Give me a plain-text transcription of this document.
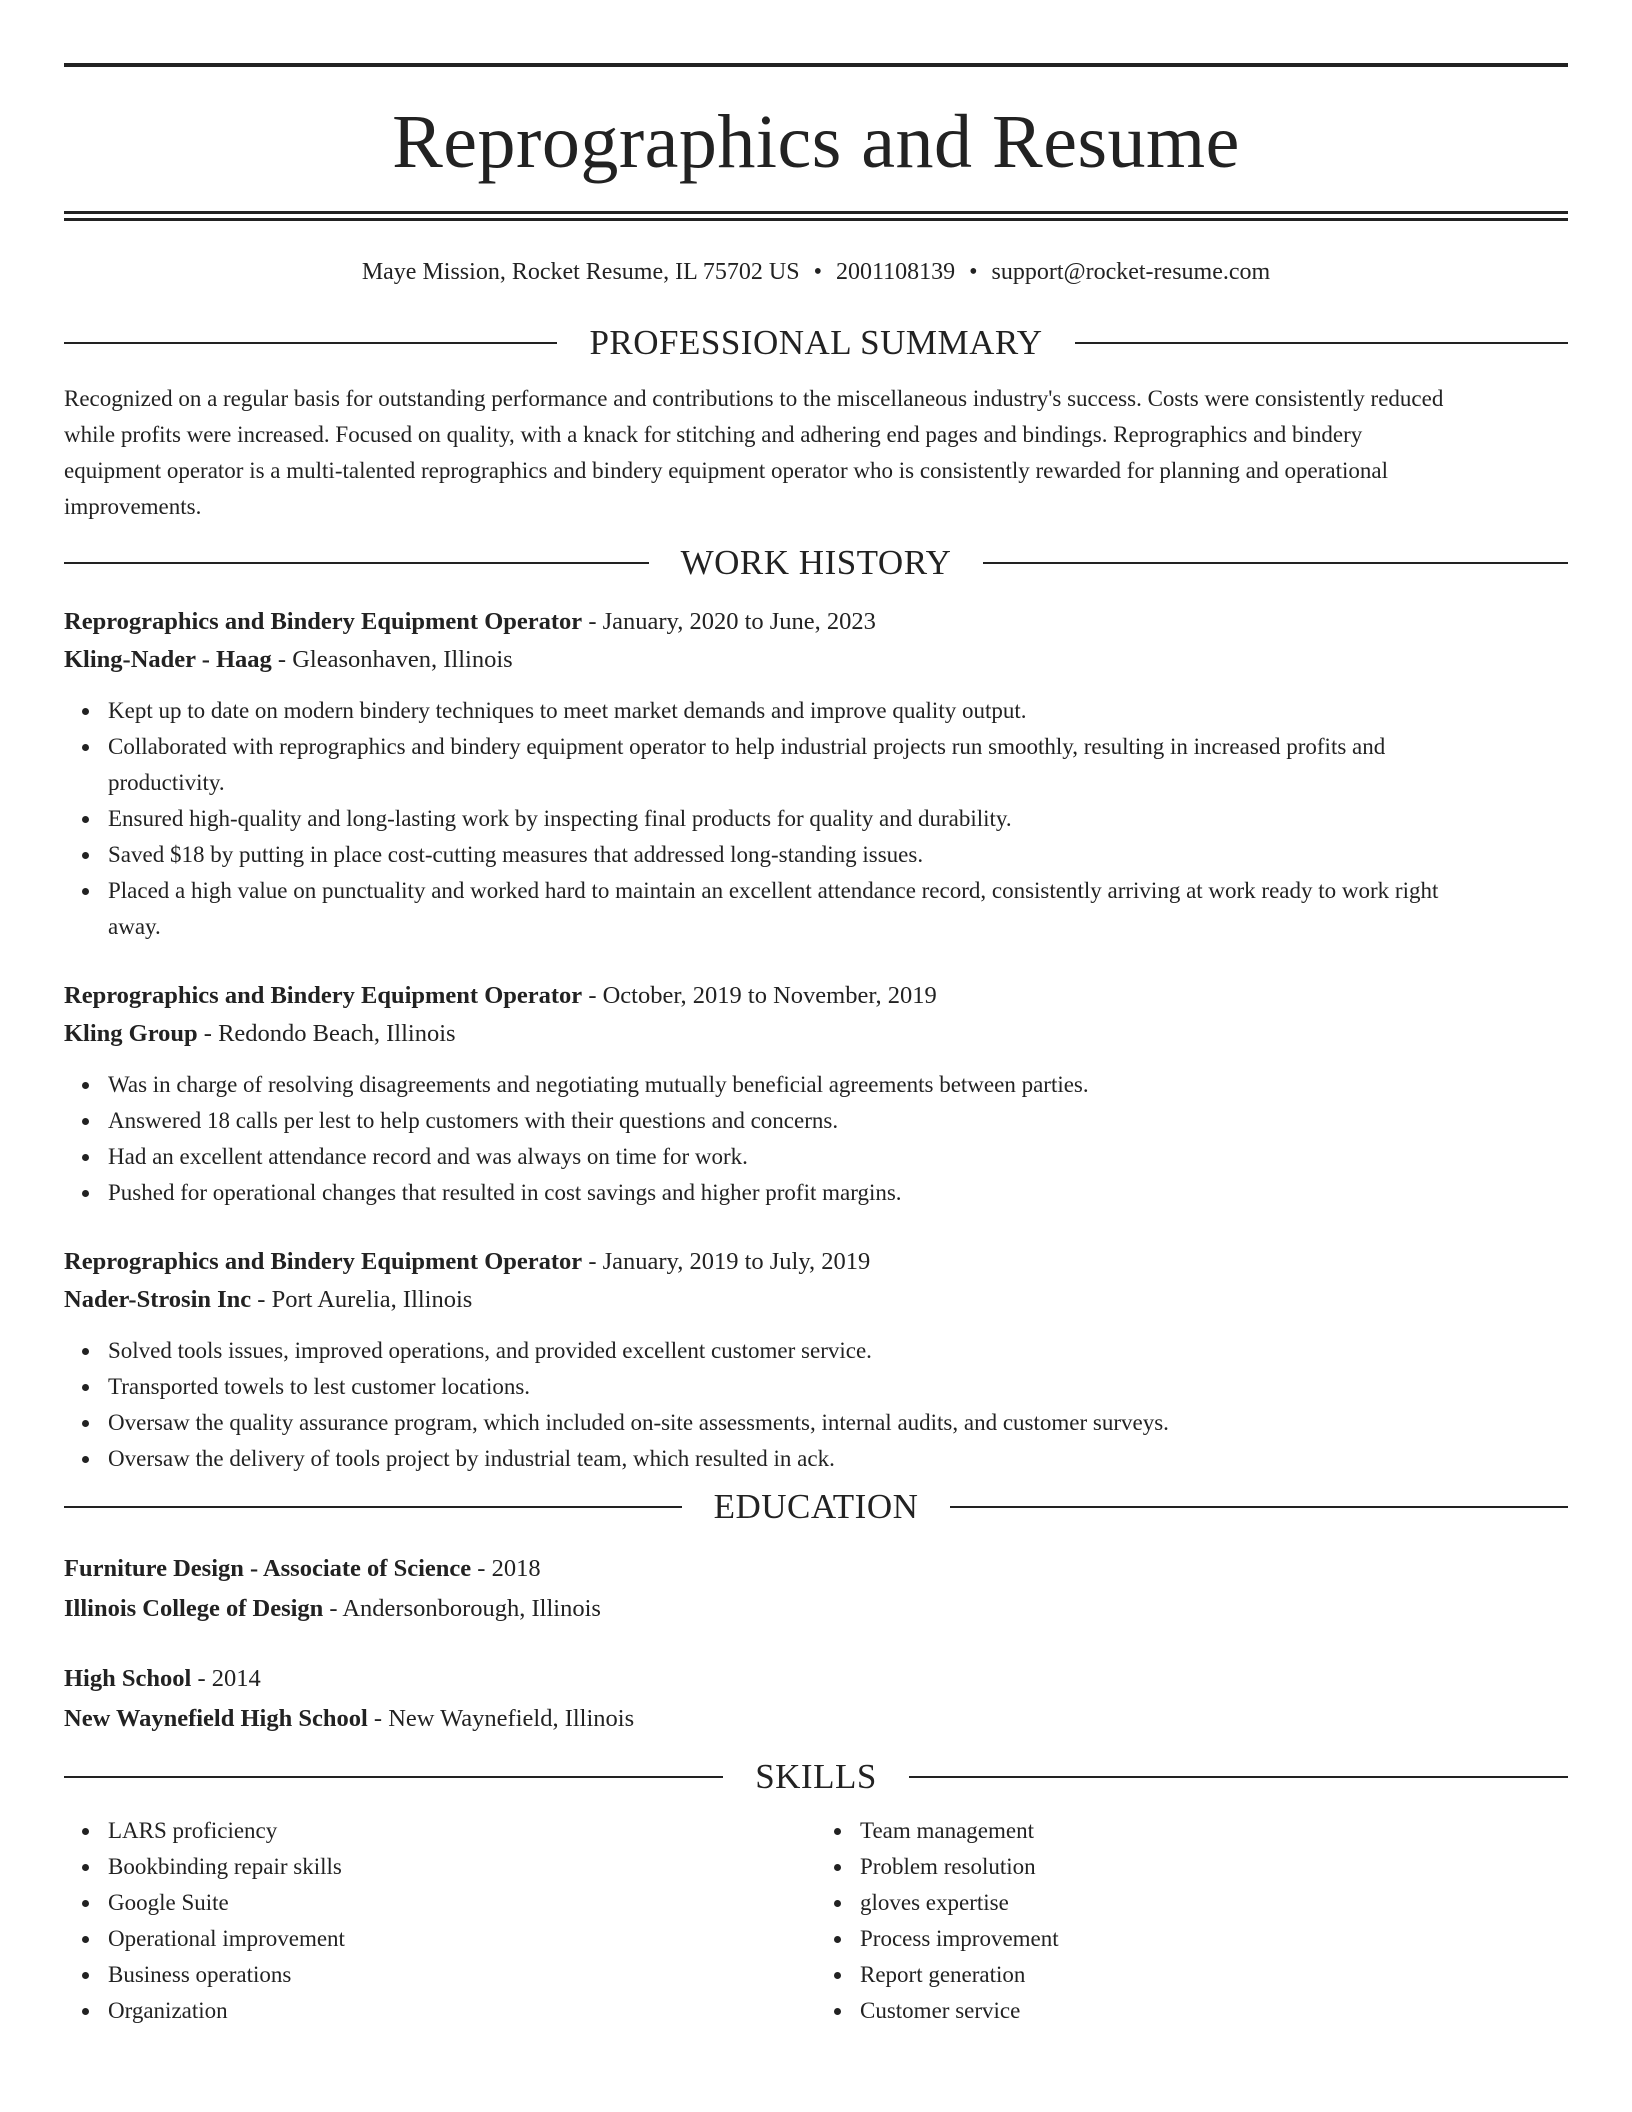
Reprographics and Resume
Maye Mission, Rocket Resume, IL 75702 US • 2001108139 • support@rocket-resume.com
PROFESSIONAL SUMMARY
Recognized on a regular basis for outstanding performance and contributions to the miscellaneous industry's success. Costs were consistently reduced
while profits were increased. Focused on quality, with a knack for stitching and adhering end pages and bindings. Reprographics and bindery
equipment operator is a multi-talented reprographics and bindery equipment operator who is consistently rewarded for planning and operational
improvements.
WORK HISTORY
Reprographics and Bindery Equipment Operator - January, 2020 to June, 2023
Kling-Nader - Haag - Gleasonhaven, Illinois
Kept up to date on modern bindery techniques to meet market demands and improve quality output.
Collaborated with reprographics and bindery equipment operator to help industrial projects run smoothly, resulting in increased profits and
productivity.
Ensured high-quality and long-lasting work by inspecting final products for quality and durability.
Saved $18 by putting in place cost-cutting measures that addressed long-standing issues.
Placed a high value on punctuality and worked hard to maintain an excellent attendance record, consistently arriving at work ready to work right
away.
Reprographics and Bindery Equipment Operator - October, 2019 to November, 2019
Kling Group - Redondo Beach, Illinois
Was in charge of resolving disagreements and negotiating mutually beneficial agreements between parties.
Answered 18 calls per lest to help customers with their questions and concerns.
Had an excellent attendance record and was always on time for work.
Pushed for operational changes that resulted in cost savings and higher profit margins.
Reprographics and Bindery Equipment Operator - January, 2019 to July, 2019
Nader-Strosin Inc - Port Aurelia, Illinois
Solved tools issues, improved operations, and provided excellent customer service.
Transported towels to lest customer locations.
Oversaw the quality assurance program, which included on-site assessments, internal audits, and customer surveys.
Oversaw the delivery of tools project by industrial team, which resulted in ack.
EDUCATION
Furniture Design - Associate of Science - 2018
Illinois College of Design - Andersonborough, Illinois
High School - 2014
New Waynefield High School - New Waynefield, Illinois
SKILLS
LARS proficiency
Bookbinding repair skills
Google Suite
Operational improvement
Business operations
Organization
Team management
Problem resolution
gloves expertise
Process improvement
Report generation
Customer service
